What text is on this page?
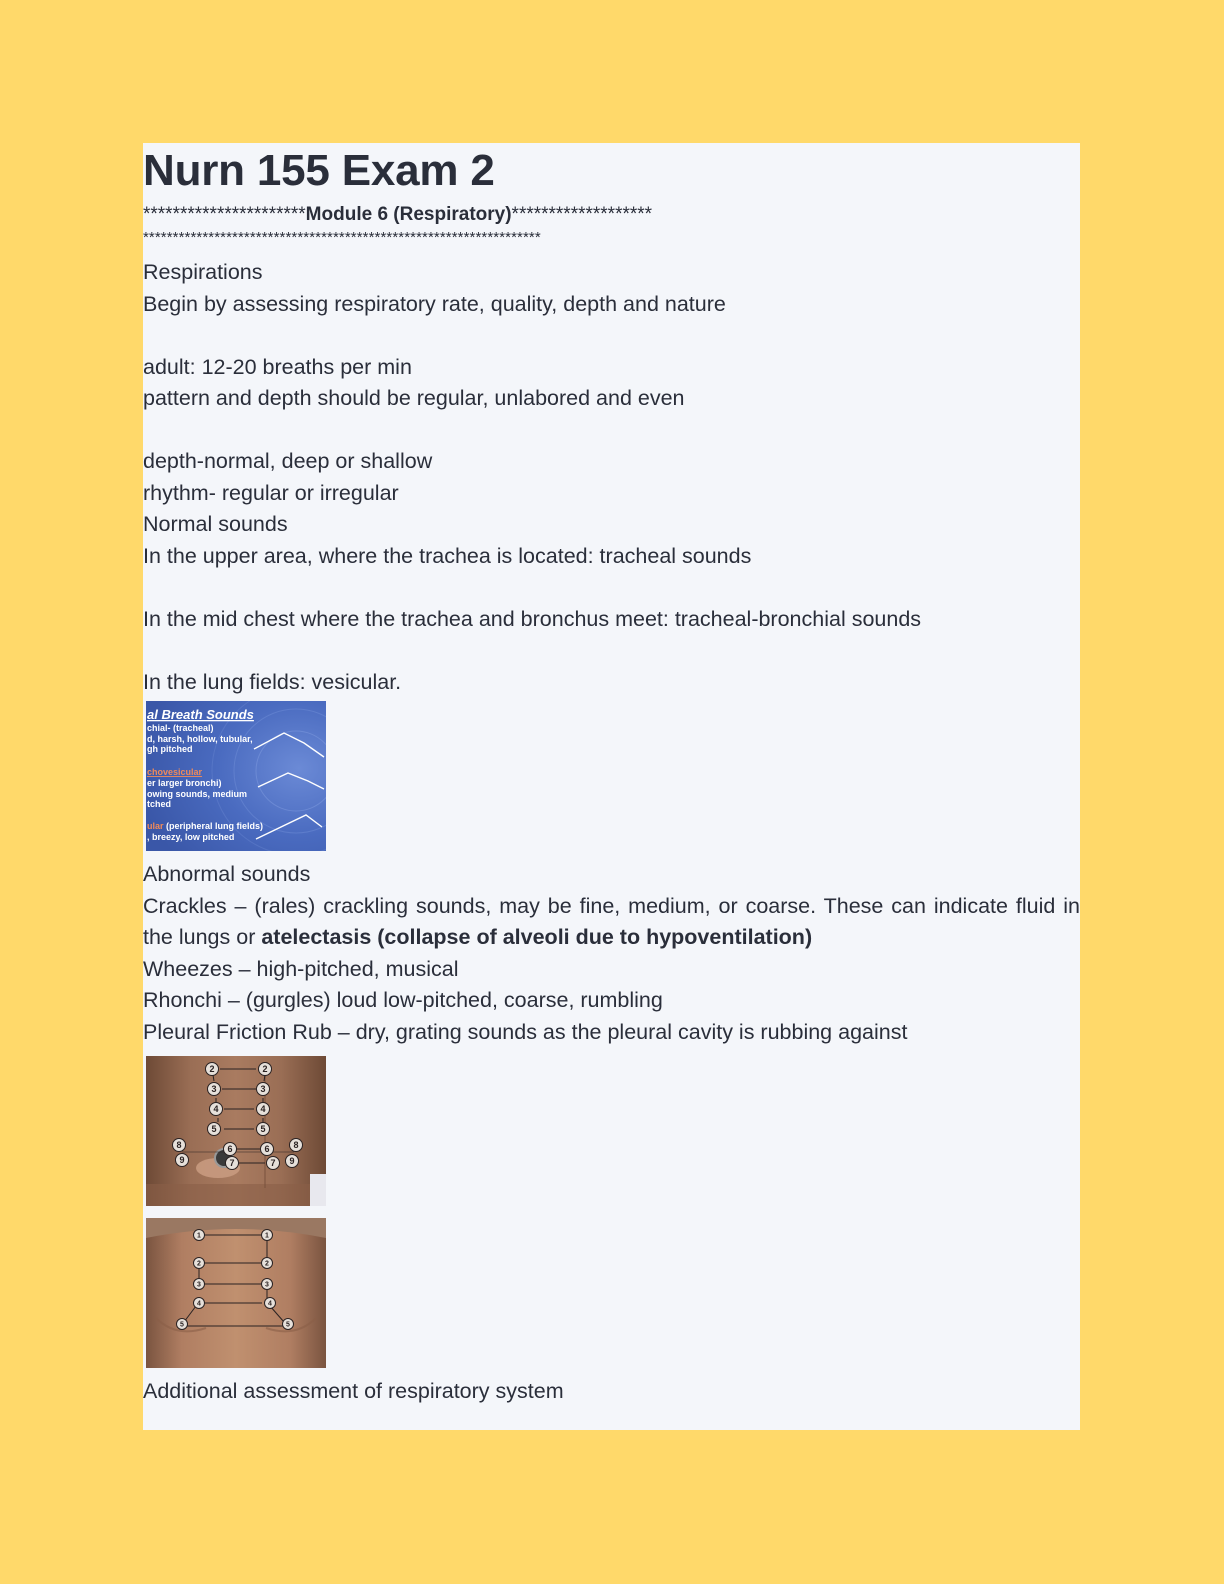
Nurn 155 Exam 2
**********************Module 6 (Respiratory)*******************
*******************************************************************
Respirations
Begin by assessing respiratory rate, quality, depth and nature
adult: 12-20 breaths per min
pattern and depth should be regular, unlabored and even
depth-normal, deep or shallow
rhythm- regular or irregular
Normal sounds
In the upper area, where the trachea is located: tracheal sounds
In the mid chest where the trachea and bronchus meet: tracheal-bronchial sounds
In the lung fields: vesicular.
al Breath Sounds
chial- (tracheal)
d, harsh, hollow, tubular,
gh pitched
chovesicular
er larger bronchi)
owing sounds, medium
tched
ular (peripheral lung fields)
, breezy, low pitched
Abnormal sounds
Crackles – (rales) crackling sounds, may be fine, medium, or coarse. These can indicate fluid in the lungs or atelectasis (collapse of alveoli due to hypoventilation)
Wheezes – high-pitched, musical
Rhonchi – (gurgles) loud low-pitched, coarse, rumbling
Pleural Friction Rub – dry, grating sounds as the pleural cavity is rubbing against
2	2
3	3
4	4
5	5
6	6
7	7
8	8
9	9
1	1
2	2
3	3
4	4
5	5
Additional assessment of respiratory system
